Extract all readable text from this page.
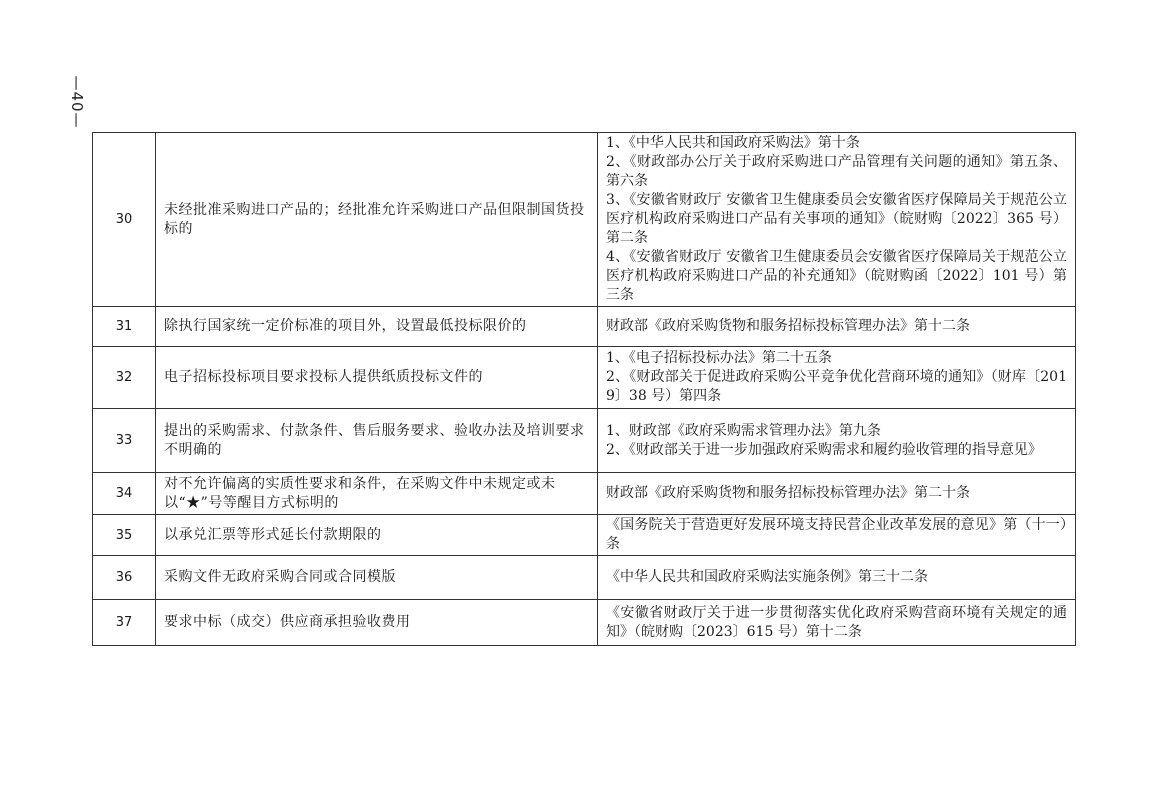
—40—
30	未经批准采购进口产品的；经批准允许采购进口产品但限制国货投标的	1、《中华人民共和国政府采购法》第十条
2、《财政部办公厅关于政府采购进口产品管理有关问题的通知》第五条、第六条
3、《安徽省财政厅 安徽省卫生健康委员会安徽省医疗保障局关于规范公立医疗机构政府采购进口产品有关事项的通知》（皖财购〔2022〕365 号）第二条
4、《安徽省财政厅 安徽省卫生健康委员会安徽省医疗保障局关于规范公立医疗机构政府采购进口产品的补充通知》（皖财购函〔2022〕101 号）第三条

31	除执行国家统一定价标准的项目外，设置最低投标限价的	财政部《政府采购货物和服务招标投标管理办法》第十二条

32	电子招标投标项目要求投标人提供纸质投标文件的	1、《电子招标投标办法》第二十五条
2、《财政部关于促进政府采购公平竞争优化营商环境的通知》（财库〔2019〕38 号）第四条

33	提出的采购需求、付款条件、售后服务要求、验收办法及培训要求不明确的	1、财政部《政府采购需求管理办法》第九条
2、《财政部关于进一步加强政府采购需求和履约验收管理的指导意见》

34	对不允许偏离的实质性要求和条件，在采购文件中未规定或未以“★”号等醒目方式标明的	财政部《政府采购货物和服务招标投标管理办法》第二十条

35	以承兑汇票等形式延长付款期限的	《国务院关于营造更好发展环境支持民营企业改革发展的意见》第（十一）条

36	采购文件无政府采购合同或合同模版	《中华人民共和国政府采购法实施条例》第三十二条

37	要求中标（成交）供应商承担验收费用	《安徽省财政厅关于进一步贯彻落实优化政府采购营商环境有关规定的通知》（皖财购〔2023〕615 号）第十二条
